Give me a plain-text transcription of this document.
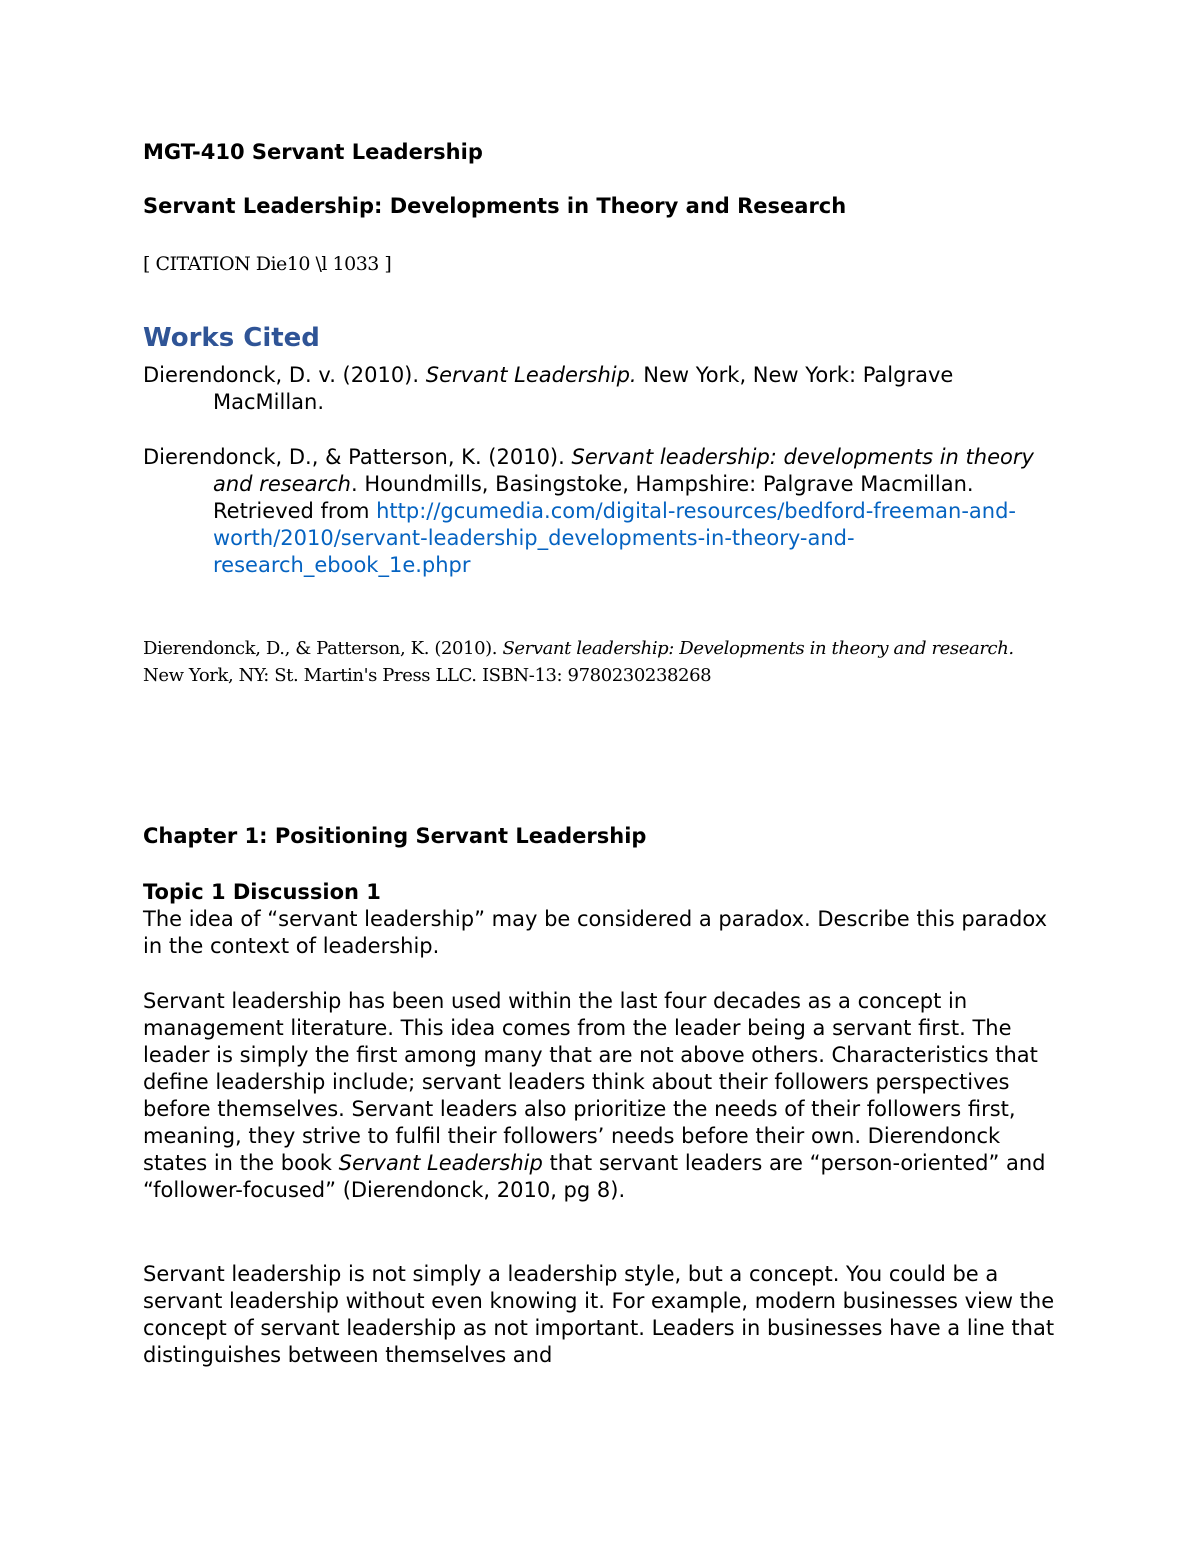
MGT-410 Servant Leadership
Servant Leadership: Developments in Theory and Research
[ CITATION Die10 \l 1033 ]
Works Cited

Dierendonck, D. v. (2010). Servant Leadership. New York, New York: Palgrave MacMillan.

Dierendonck, D., & Patterson, K. (2010). Servant leadership: developments in theory and research. Houndmills, Basingstoke, Hampshire: Palgrave Macmillan. Retrieved from http://gcumedia.com/digital-resources/bedford-freeman-and-worth/2010/servant-leadership_developments-in-theory-and-research_ebook_1e.phpr

Dierendonck, D., & Patterson, K. (2010). Servant leadership: Developments in theory and research. New York, NY: St. Martin's Press LLC. ISBN-13: 9780230238268
Chapter 1: Positioning Servant Leadership

Topic 1 Discussion 1

The idea of “servant leadership” may be considered a paradox. Describe this paradox in the context of leadership.

Servant leadership has been used within the last four decades as a concept in management literature. This idea comes from the leader being a servant first. The leader is simply the first among many that are not above others. Characteristics that define leadership include; servant leaders think about their followers perspectives before themselves. Servant leaders also prioritize the needs of their followers first, meaning, they strive to fulfil their followers’ needs before their own. Dierendonck states in the book Servant Leadership that servant leaders are “person-oriented” and “follower-focused” (Dierendonck, 2010, pg 8).

Servant leadership is not simply a leadership style, but a concept. You could be a servant leadership without even knowing it. For example, modern businesses view the concept of servant leadership as not important. Leaders in businesses have a line that distinguishes between themselves and
